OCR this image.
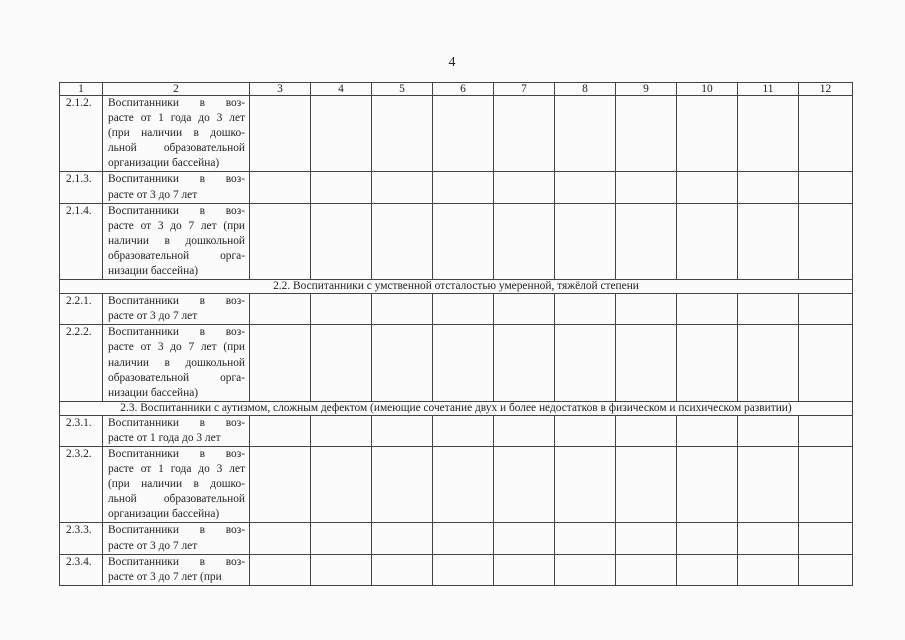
4
1	2	3	4	5	6	7	8	9	10	11	12
2.1.2.	Воспитанники в воз-
расте от 1 года до 3 лет
(при наличии в дошко-
льной образовательной
организации бассейна)										

2.1.3.	Воспитанники в воз-
расте от 3 до 7 лет										

2.1.4.	Воспитанники в воз-
расте от 3 до 7 лет (при
наличии в дошкольной
образовательной орга-
низации бассейна)										

2.2. Воспитанники с умственной отсталостью умеренной, тяжёлой степени											
2.2.1.	Воспитанники в воз-
расте от 3 до 7 лет										

2.2.2.	Воспитанники в воз-
расте от 3 до 7 лет (при
наличии в дошкольной
образовательной орга-
низации бассейна)										

2.3. Воспитанники с аутизмом, сложным дефектом (имеющие сочетание двух и более недостатков в физическом и психическом развитии)											
2.3.1.	Воспитанники в воз-
расте от 1 года до 3 лет										

2.3.2.	Воспитанники в воз-
расте от 1 года до 3 лет
(при наличии в дошко-
льной образовательной
организации бассейна)										

2.3.3.	Воспитанники в воз-
расте от 3 до 7 лет										

2.3.4.	Воспитанники в воз-
расте от 3 до 7 лет (при										
